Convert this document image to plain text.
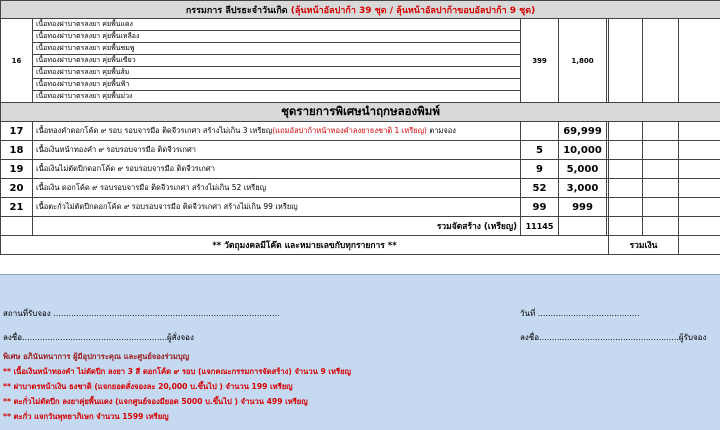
กรรมการ ลีปรธะจำวันเกิด (ลุ้นหน้าอัลปาก้า 39 ชุด / ลุ้นหน้าอัลปาก้าขอบอัลปาก้า 9 ชุด)							
16	เนื้อทองฝาบาตรลงยา ค่ยพื้นแดง	399	1,800				
	เนื้อทองฝาบาตรลงยา คุ่ยพื้นเหลือง						
	เนื้อทองฝาบาตรลงยา ค่ยพื้นชมพู						
	เนื้อทองฝาบาตรลงยา คุ่ยพื้นเขียว						
	เนื้อทองฝาบาตรลงยา คุ่ยพื้นส้ม						
	เนื้อทองฝาบาตรลงยา คุ่ยพื้นฟ้า						
	เนื้อทองฝาบาตรลงยา คุ่ยพื้นม่วง						
ชุดรายการพิเศษนำฤกษลองพิมพ์							
17	เนื้อทองคำดอกโค้ด ๙ รอบ รอบจารมือ ติดจีวรเกศา สร้างไม่เกิน 3 เหรียญ(แถมอัลปาก้าหน้าทองคำลงยาธงชาติ 1 เหรียญ) ตามจอง		69,999				
18	เนื้อเงินหน้าทองคำ ๙ รอบรอบจารมือ ติดจีวรเกศา	5	10,000				
19	เนื้อเงินไม่ตัดปีกดอกโค้ด ๙ รอบรอบจารมือ ติดจีวรเกศา	9	5,000				
20	เนื้อเงิน ดอกโค้ด ๙ รอบรอบจารมือ ติดจีวรเกศา สร้างไม่เกิน 52 เหรียญ	52	3,000				
21	เนื้อตะกั่วไม่ตัดปีกดอกโค้ด ๙ รอบรอบจารมือ ติดจีวรเกศา สร้างไม่เกิน 99 เหรียญ	99	999				
	รวมจัดสร้าง (เหรียญ)	11145					
** วัตถุมงคลมีโค๊ต และหมายเลขกับทุกรายการ **					รวมเงิน		
สถานที่รับจอง .........................................................................................	วันที่ ........................................
ลงชื่อ.........................................................ผู้สั่งจอง	ลงชื่อ.......................................................ผู้รับจอง
พิเศษ อภินันทนาการ ผู้มีอุปการะคุณ และศูนย์จองร่วมบุญ
** เนื้อเงินหน้าทองคำ ไม่ตัดปีก ลงยา 3 สี ดอกโค้ด ๙ รอบ (แจกคณะกรรมการจัดสร้าง) จำนวน 9 เหรียญ
** ฝาบาตรหน้าเงิน ธงชาติ (แจกยอดสั่งจองละ 20,000 บ.ขึ้นไป ) จำนวน 199 เหรียญ
** ตะกั่วไม่ตัดปีก ลงยาคุ่ยพื้นแดง (แจกศูนย์จองมียอด 5000 บ.ขึ้นไป ) จำนวน 499 เหรียญ
** ตะกั่ว แจกวันพุทธาภิเษก จำนวน 1599 เหรียญ
